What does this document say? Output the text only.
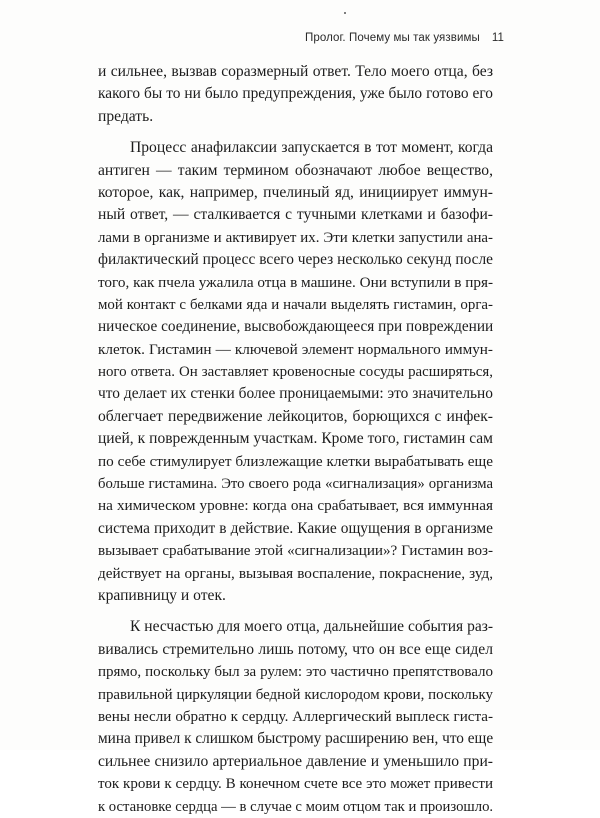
Пролог. Почему мы так уязвимы 11
и сильнее, вызвав соразмерный ответ. Тело моего отца, без
какого бы то ни было предупреждения, уже было готово его
предать.
Процесс анафилаксии запускается в тот момент, когда
антиген — таким термином обозначают любое вещество,
которое, как, например, пчелиный яд, инициирует иммун-
ный ответ, — сталкивается с тучными клетками и базофи-
лами в организме и активирует их. Эти клетки запустили ана-
филактический процесс всего через несколько секунд после
того, как пчела ужалила отца в машине. Они вступили в пря-
мой контакт с белками яда и начали выделять гистамин, орга-
ническое соединение, высвобождающееся при повреждении
клеток. Гистамин — ключевой элемент нормального иммун-
ного ответа. Он заставляет кровеносные сосуды расширяться,
что делает их стенки более проницаемыми: это значительно
облегчает передвижение лейкоцитов, борющихся с инфек-
цией, к поврежденным участкам. Кроме того, гистамин сам
по себе стимулирует близлежащие клетки вырабатывать еще
больше гистамина. Это своего рода «сигнализация» организма
на химическом уровне: когда она срабатывает, вся иммунная
система приходит в действие. Какие ощущения в организме
вызывает срабатывание этой «сигнализации»? Гистамин воз-
действует на органы, вызывая воспаление, покраснение, зуд,
крапивницу и отек.
К несчастью для моего отца, дальнейшие события раз-
вивались стремительно лишь потому, что он все еще сидел
прямо, поскольку был за рулем: это частично препятствовало
правильной циркуляции бедной кислородом крови, поскольку
вены несли обратно к сердцу. Аллергический выплеск гиста-
мина привел к слишком быстрому расширению вен, что еще
сильнее снизило артериальное давление и уменьшило при-
ток крови к сердцу. В конечном счете все это может привести
к остановке сердца — в случае с моим отцом так и произошло.
